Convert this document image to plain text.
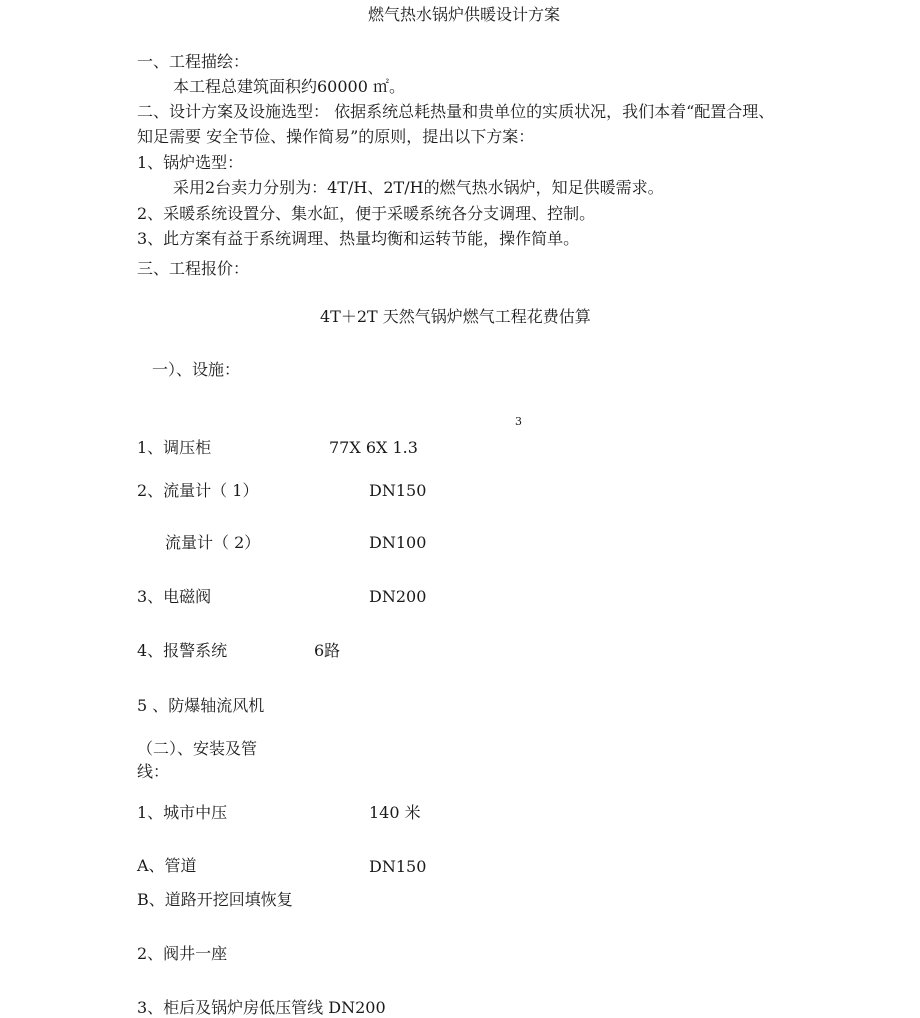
燃气热水锅炉供暖设计方案
一、工程描绘：
本工程总建筑面积约60000 ㎡。
二、设计方案及设施选型： 依据系统总耗热量和贵单位的实质状况，我们本着“配置合理、
知足需要 安全节俭、操作简易”的原则，提出以下方案：
1、锅炉选型：
采用2台卖力分别为：4T/H、2T/H的燃气热水锅炉，知足供暖需求。
2、采暖系统设置分、集水缸，便于采暖系统各分支调理、控制。
3、此方案有益于系统调理、热量均衡和运转节能，操作简单。
三、工程报价：
4T＋2T 天然气锅炉燃气工程花费估算
一）、设施：
3
1、调压柜	77X 6X 1.3
2、流量计（ 1）	DN150
流量计（ 2）	DN100
3、电磁阀	DN200
4、报警系统	6路
5 、防爆轴流风机
（二）、安装及管
线：
1、城市中压	140 米
A、管道	DN150
B、道路开挖回填恢复
2、阀井一座
3、柜后及锅炉房低压管线 DN200
